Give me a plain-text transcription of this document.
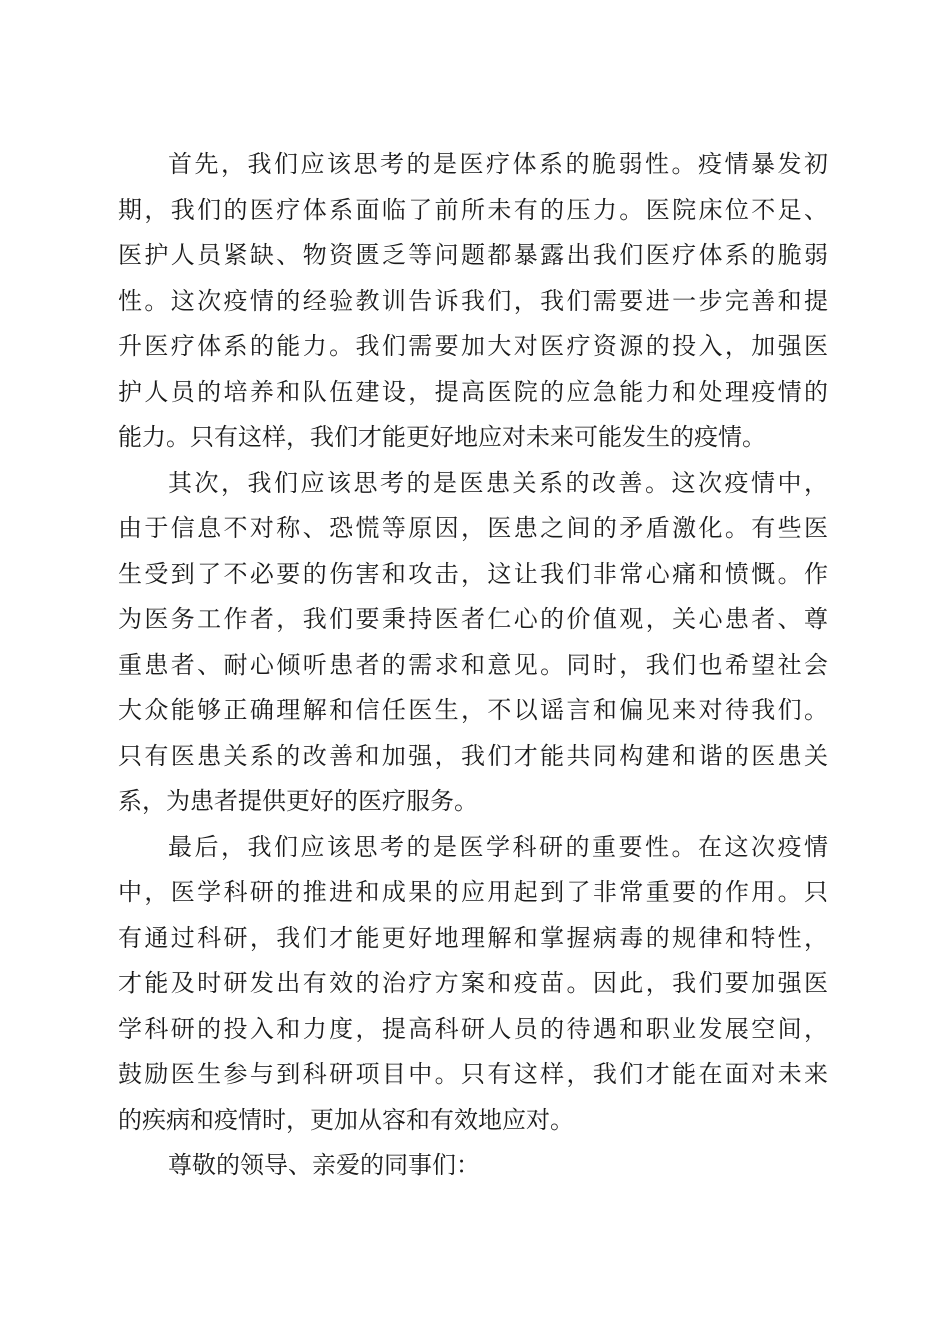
首先，我们应该思考的是医疗体系的脆弱性。疫情暴发初
期，我们的医疗体系面临了前所未有的压力。医院床位不足、
医护人员紧缺、物资匮乏等问题都暴露出我们医疗体系的脆弱
性。这次疫情的经验教训告诉我们，我们需要进一步完善和提
升医疗体系的能力。我们需要加大对医疗资源的投入，加强医
护人员的培养和队伍建设，提高医院的应急能力和处理疫情的
能力。只有这样，我们才能更好地应对未来可能发生的疫情。
其次，我们应该思考的是医患关系的改善。这次疫情中，
由于信息不对称、恐慌等原因，医患之间的矛盾激化。有些医
生受到了不必要的伤害和攻击，这让我们非常心痛和愤慨。作
为医务工作者，我们要秉持医者仁心的价值观，关心患者、尊
重患者、耐心倾听患者的需求和意见。同时，我们也希望社会
大众能够正确理解和信任医生，不以谣言和偏见来对待我们。
只有医患关系的改善和加强，我们才能共同构建和谐的医患关
系，为患者提供更好的医疗服务。
最后，我们应该思考的是医学科研的重要性。在这次疫情
中，医学科研的推进和成果的应用起到了非常重要的作用。只
有通过科研，我们才能更好地理解和掌握病毒的规律和特性，
才能及时研发出有效的治疗方案和疫苗。因此，我们要加强医
学科研的投入和力度，提高科研人员的待遇和职业发展空间，
鼓励医生参与到科研项目中。只有这样，我们才能在面对未来
的疾病和疫情时，更加从容和有效地应对。
尊敬的领导、亲爱的同事们：
